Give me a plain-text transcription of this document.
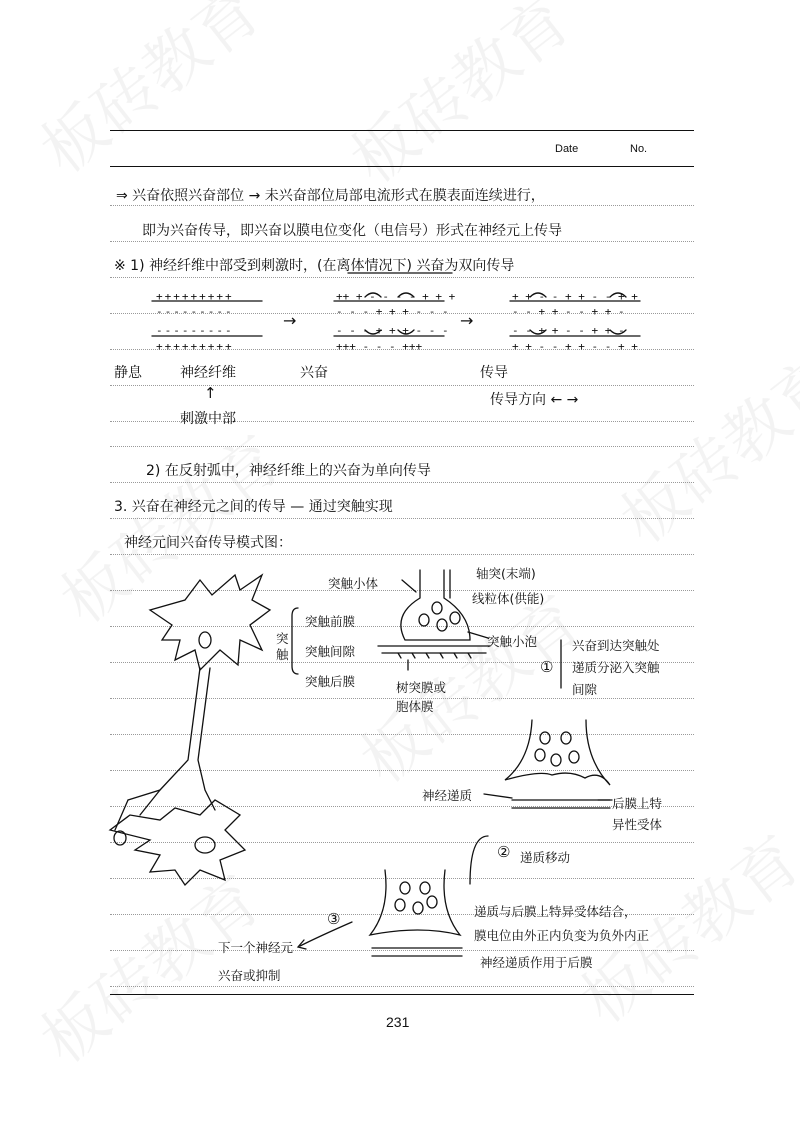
Date	No.
⇒ 兴奋依照兴奋部位 → 未兴奋部位局部电流形式在膜表面连续进行，
即为兴奋传导，即兴奋以膜电位变化（电信号）形式在神经元上传导
※ 1) 神经纤维中部受到刺激时，(在离体情况下) 兴奋为双向传导
2) 在反射弧中，神经纤维上的兴奋为单向传导
3. 兴奋在神经元之间的传导 — 通过突触实现
神经元间兴奋传导模式图：
+++++++++
---------
---------
+++++++++
++ + - - - - + + +
- - - + + + - - -
- - - + + + - - -
+++ - - - +++
+ + - - + + - - + +
- - + + - - + + -
- - + + - - + + -
+ + - - + + - - + +
→	→
静息	神经纤维	兴奋	传导
↑
刺激中部
传导方向 ← →
突触小体
轴突(末端)
线粒体(供能)
突触小泡
突触
突触前膜
突触间隙
突触后膜	树突膜或
胞体膜
①
兴奋到达突触处
递质分泌入突触
间隙
神经递质
后膜上特
异性受体
② 递质移动
③
下一个神经元
兴奋或抑制
递质与后膜上特异受体结合，
膜电位由外正内负变为负外内正
神经递质作用于后膜
231
